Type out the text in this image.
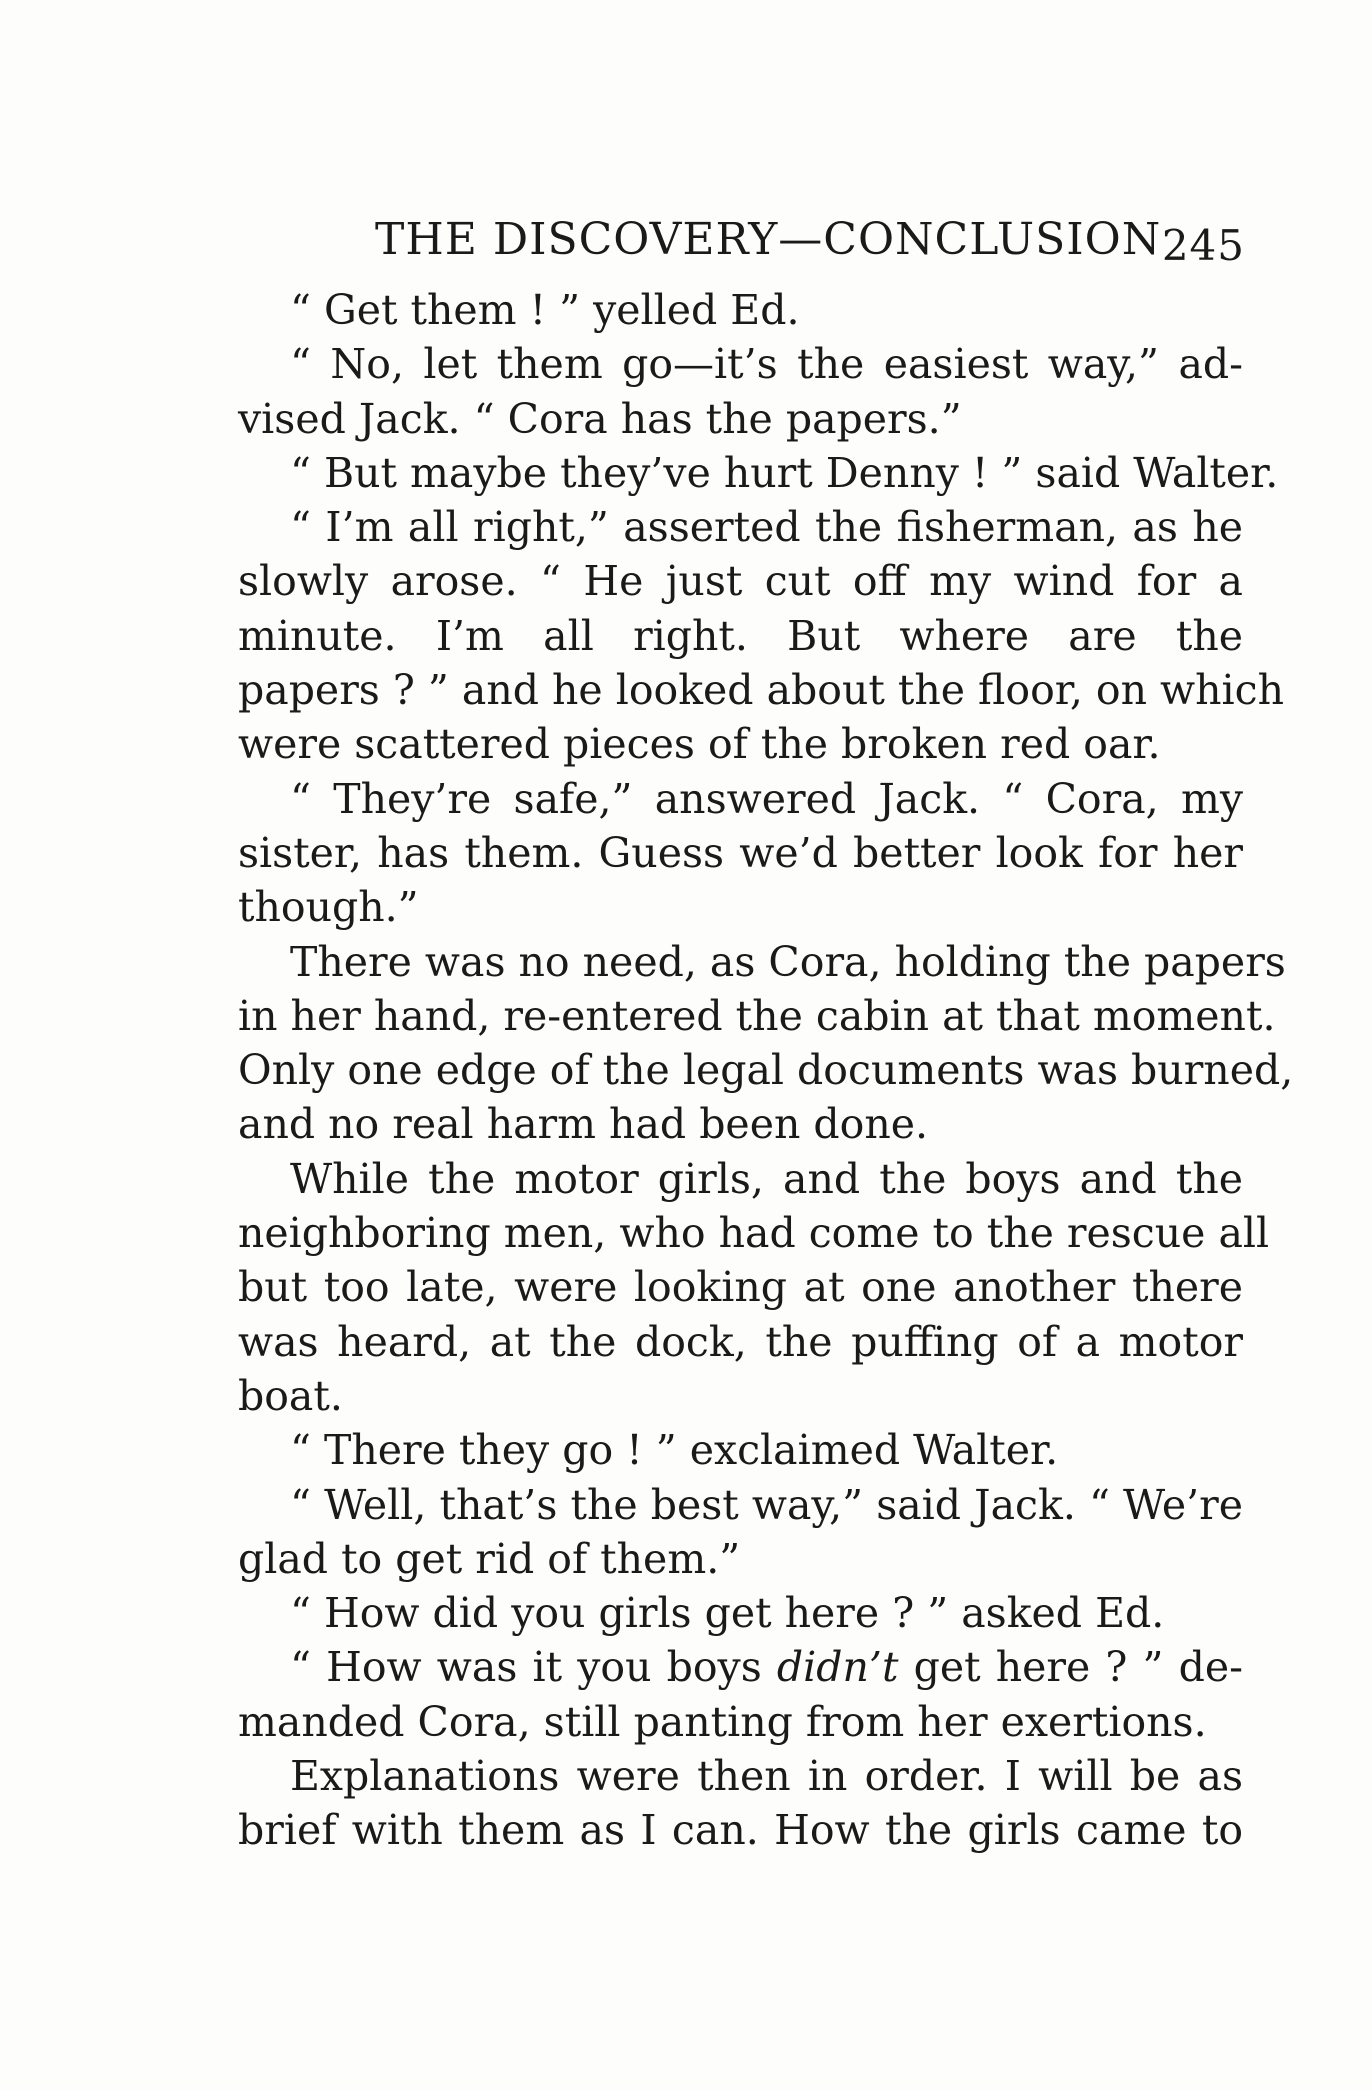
THE DISCOVERY—CONCLUSION 245
“ Get them ! ” yelled Ed.
“ No, let them go—it’s the easiest way,” ad-
vised Jack. “ Cora has the papers.”
“ But maybe they’ve hurt Denny ! ” said Walter.
“ I’m all right,” asserted the fisherman, as he
slowly arose. “ He just cut off my wind for a
minute. I’m all right. But where are the
papers ? ” and he looked about the floor, on which
were scattered pieces of the broken red oar.
“ They’re safe,” answered Jack. “ Cora, my
sister, has them. Guess we’d better look for her
though.”
There was no need, as Cora, holding the papers
in her hand, re-entered the cabin at that moment.
Only one edge of the legal documents was burned,
and no real harm had been done.
While the motor girls, and the boys and the
neighboring men, who had come to the rescue all
but too late, were looking at one another there
was heard, at the dock, the puffing of a motor
boat.
“ There they go ! ” exclaimed Walter.
“ Well, that’s the best way,” said Jack. “ We’re
glad to get rid of them.”
“ How did you girls get here ? ” asked Ed.
“ How was it you boys didn’t get here ? ” de-
manded Cora, still panting from her exertions.
Explanations were then in order. I will be as
brief with them as I can. How the girls came to
